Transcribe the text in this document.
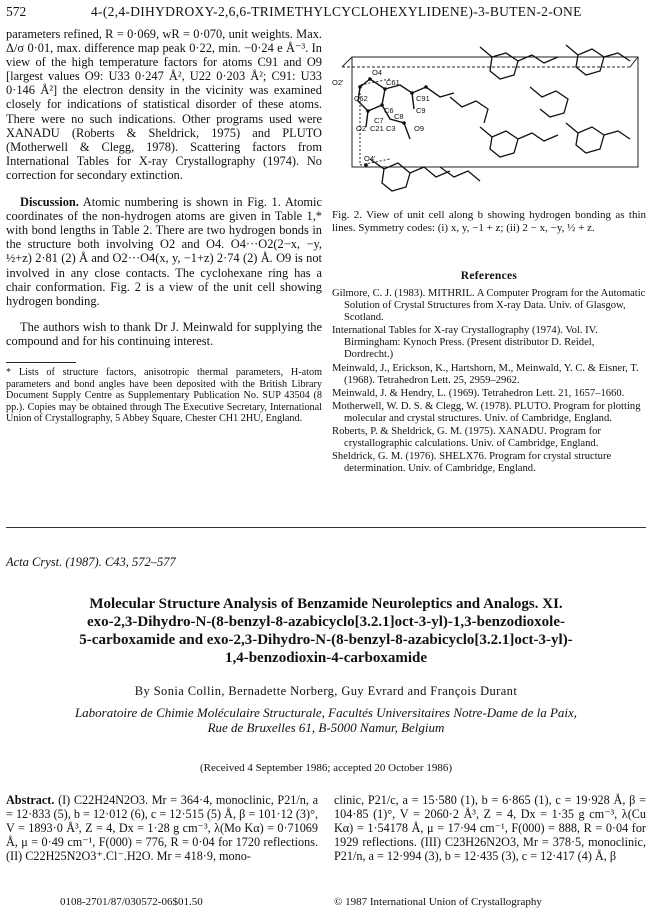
572	4-(2,4-DIHYDROXY-2,6,6-TRIMETHYLCYCLOHEXYLIDENE)-3-BUTEN-2-ONE

parameters refined, R = 0·069, wR = 0·070, unit weights. Max. Δ/σ 0·01, max. difference map peak 0·22, min. −0·24 e Å⁻³. In view of the high temperature factors for atoms C91 and O9 [largest values O9: U33 0·247 Å², U22 0·203 Å²; C91: U33 0·146 Å²] the electron density in the vicinity was examined closely for indications of statistical disorder of these atoms. There were no such indications. Other programs used were XANADU (Roberts & Sheldrick, 1975) and PLUTO (Motherwell & Clegg, 1978). Scattering factors from International Tables for X-ray Crystallography (1974). No correction for secondary extinction.

Discussion. Atomic numbering is shown in Fig. 1. Atomic coordinates of the non-hydrogen atoms are given in Table 1,* with bond lengths in Table 2. There are two hydrogen bonds in the structure both involving O2 and O4. O4···O2(2−x, −y, ½+z) 2·81 (2) Å and O2···O4(x, y, −1+z) 2·74 (2) Å. O9 is not involved in any close contacts. The cyclohexane ring has a chair conformation. Fig. 2 is a view of the unit cell showing hydrogen bonding.

The authors wish to thank Dr J. Meinwald for supplying the compound and for his continuing interest.

* Lists of structure factors, anisotropic thermal parameters, H-atom parameters and bond angles have been deposited with the British Library Document Supply Centre as Supplementary Publication No. SUP 43504 (8 pp.). Copies may be obtained through The Executive Secretary, International Union of Crystallography, 5 Abbey Square, Chester CH1 2HU, England.

O2'
O4
C61
C62	C91
C6	C9
C8
C7
O2 C21 C3 O9
O4'
Fig. 2. View of unit cell along b showing hydrogen bonding as thin lines. Symmetry codes: (i) x, y, −1 + z; (ii) 2 − x, −y, ½ + z.
References

Gilmore, C. J. (1983). MITHRIL. A Computer Program for the Automatic Solution of Crystal Structures from X-ray Data. Univ. of Glasgow, Scotland.

International Tables for X-ray Crystallography (1974). Vol. IV. Birmingham: Kynoch Press. (Present distributor D. Reidel, Dordrecht.)

Meinwald, J., Erickson, K., Hartshorn, M., Meinwald, Y. C. & Eisner, T. (1968). Tetrahedron Lett. 25, 2959–2962.

Meinwald, J. & Hendry, L. (1969). Tetrahedron Lett. 21, 1657–1660.

Motherwell, W. D. S. & Clegg, W. (1978). PLUTO. Program for plotting molecular and crystal structures. Univ. of Cambridge, England.

Roberts, P. & Sheldrick, G. M. (1975). XANADU. Program for crystallographic calculations. Univ. of Cambridge, England.

Sheldrick, G. M. (1976). SHELX76. Program for crystal structure determination. Univ. of Cambridge, England.

Acta Cryst. (1987). C43, 572–577
Molecular Structure Analysis of Benzamide Neuroleptics and Analogs. XI.
exo-2,3-Dihydro-N-(8-benzyl-8-azabicyclo[3.2.1]oct-3-yl)-1,3-benzodioxole-
5-carboxamide and exo-2,3-Dihydro-N-(8-benzyl-8-azabicyclo[3.2.1]oct-3-yl)-
1,4-benzodioxin-4-carboxamide
By Sonia Collin, Bernadette Norberg, Guy Evrard and François Durant
Laboratoire de Chimie Moléculaire Structurale, Facultés Universitaires Notre-Dame de la Paix,
Rue de Bruxelles 61, B-5000 Namur, Belgium
(Received 4 September 1986; accepted 20 October 1986)
Abstract. (I) C22H24N2O3. Mr = 364·4, monoclinic, P21/n, a = 12·833 (5), b = 12·012 (6), c = 12·515 (5) Å, β = 101·12 (3)°, V = 1893·0 Å³, Z = 4, Dx = 1·28 g cm⁻³, λ(Mo Kα) = 0·71069 Å, μ = 0·49 cm⁻¹, F(000) = 776, R = 0·04 for 1720 reflections. (II) C22H25N2O3⁺.Cl⁻.H2O. Mr = 418·9, mono-
clinic, P21/c, a = 15·580 (1), b = 6·865 (1), c = 19·928 Å, β = 104·85 (1)°, V = 2060·2 Å³, Z = 4, Dx = 1·35 g cm⁻³, λ(Cu Kα) = 1·54178 Å, μ = 17·94 cm⁻¹, F(000) = 888, R = 0·04 for 1929 reflections. (III) C23H26N2O3, Mr = 378·5, monoclinic, P21/n, a = 12·994 (3), b = 12·435 (3), c = 12·417 (4) Å, β
0108-2701/87/030572-06$01.50	© 1987 International Union of Crystallography
